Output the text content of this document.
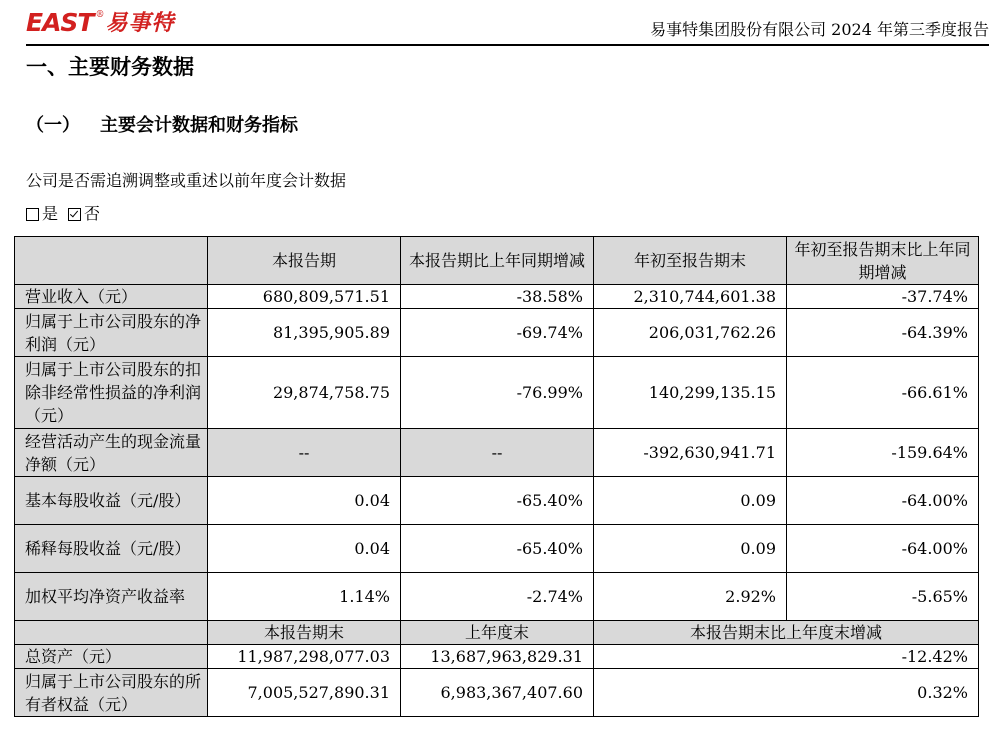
EAST ® 易事特	易事特集团股份有限公司 2024 年第三季度报告
一、主要财务数据
（一） 主要会计数据和财务指标
公司是否需追溯调整或重述以前年度会计数据
是 否
	本报告期	本报告期比上年同期增减	年初至报告期末	年初至报告期末比上年同期增减
营业收入（元）	680,809,571.51	-38.58%	2,310,744,601.38	-37.74%
归属于上市公司股东的净利润（元）	81,395,905.89	-69.74%	206,031,762.26	-64.39%
归属于上市公司股东的扣除非经常性损益的净利润（元）	29,874,758.75	-76.99%	140,299,135.15	-66.61%
经营活动产生的现金流量净额（元）	--	--	-392,630,941.71	-159.64%
基本每股收益（元/股）	0.04	-65.40%	0.09	-64.00%
稀释每股收益（元/股）	0.04	-65.40%	0.09	-64.00%
加权平均净资产收益率	1.14%	-2.74%	2.92%	-5.65%
	本报告期末	上年度末	本报告期末比上年度末增减	
总资产（元）	11,987,298,077.03	13,687,963,829.31	-12.42%	
归属于上市公司股东的所有者权益（元）	7,005,527,890.31	6,983,367,407.60	0.32%	
